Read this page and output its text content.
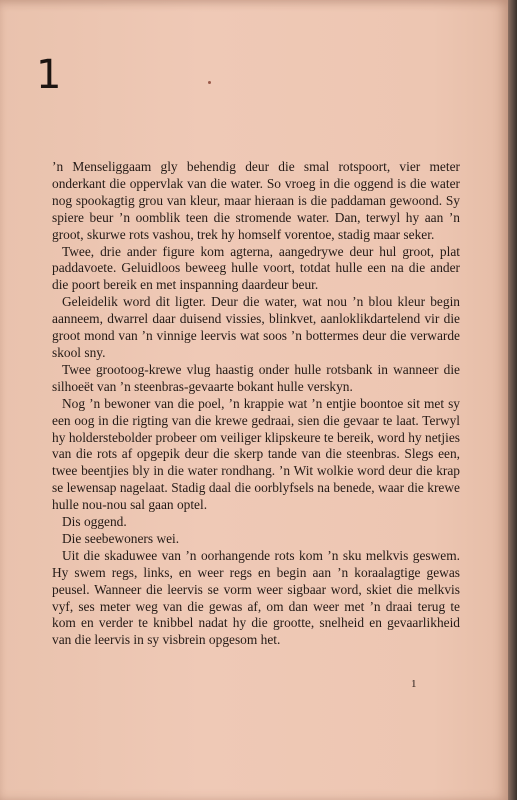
1

’n Menseliggaam gly behendig deur die smal rotspoort, vier meter onderkant die oppervlak van die water. So vroeg in die oggend is die water nog spookagtig grou van kleur, maar hieraan is die paddaman gewoond. Sy spiere beur ’n oomblik teen die stromende water. Dan, terwyl hy aan ’n groot, skurwe rots vashou, trek hy homself vorentoe, stadig maar seker.

Twee, drie ander figure kom agterna, aangedrywe deur hul groot, plat paddavoete. Geluidloos beweeg hulle voort, totdat hulle een na die ander die poort bereik en met inspanning daardeur beur.

Geleidelik word dit ligter. Deur die water, wat nou ’n blou kleur begin aanneem, dwarrel daar duisend vissies, blinkvet, aanloklikdartelend vir die groot mond van ’n vinnige leervis wat soos ’n bottermes deur die verwarde skool sny.

Twee grootoog-krewe vlug haastig onder hulle rotsbank in wanneer die silhoeët van ’n steenbras-gevaarte bokant hulle verskyn.

Nog ’n bewoner van die poel, ’n krappie wat ’n entjie boontoe sit met sy een oog in die rigting van die krewe gedraai, sien die gevaar te laat. Terwyl hy holderstebolder probeer om veiliger klipskeure te bereik, word hy netjies van die rots af opgepik deur die skerp tande van die steenbras. Slegs een, twee beentjies bly in die water rondhang. ’n Wit wolkie word deur die krap se lewensap nagelaat. Stadig daal die oorblyfsels na benede, waar die krewe hulle nou-nou sal gaan optel.

Dis oggend.

Die seebewoners wei.

Uit die skaduwee van ’n oorhangende rots kom ’n sku melkvis geswem. Hy swem regs, links, en weer regs en begin aan ’n koraalagtige gewas peusel. Wanneer die leervis se vorm weer sigbaar word, skiet die melkvis vyf, ses meter weg van die gewas af, om dan weer met ’n draai terug te kom en verder te knibbel nadat hy die grootte, snelheid en gevaarlikheid van die leervis in sy visbrein opgesom het.

1
